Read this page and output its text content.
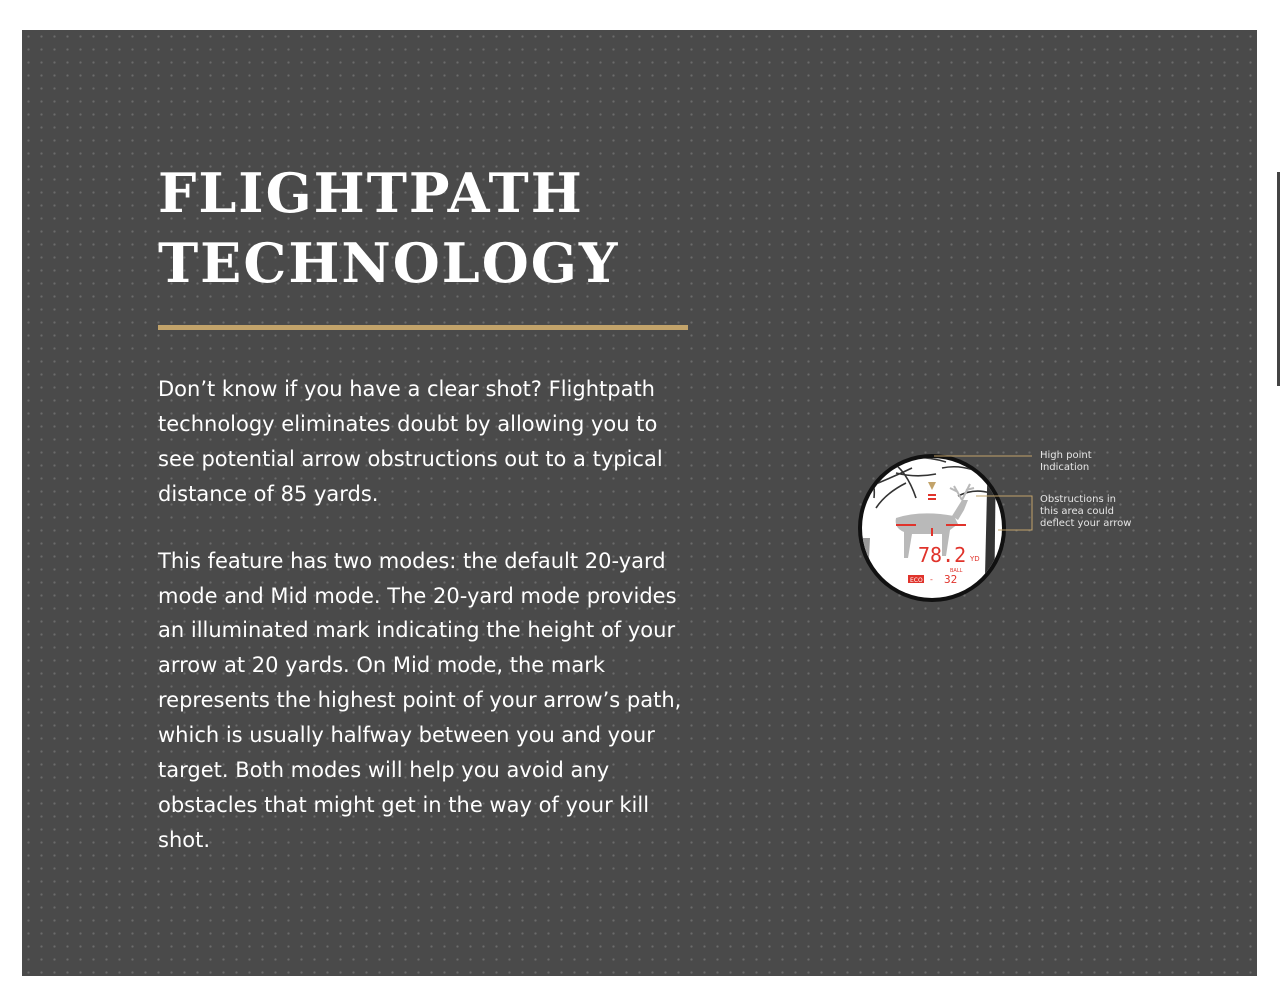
FLIGHTPATH
TECHNOLOGY

Don’t know if you have a clear shot? Flightpath technology eliminates doubt by allowing you to see potential arrow obstructions out to a typical distance of 85 yards.

This feature has two modes: the default 20-yard mode and Mid mode. The 20-yard mode provides an illuminated mark indicating the height of your arrow at 20 yards. On Mid mode, the mark represents the highest point of your arrow’s path, which is usually halfway between you and your target. Both modes will help you avoid any obstacles that might get in the way of your kill shot.

78.2 YD
BALL
ECO - 32
High point
Indication
Obstructions in
this area could
deflect your arrow
